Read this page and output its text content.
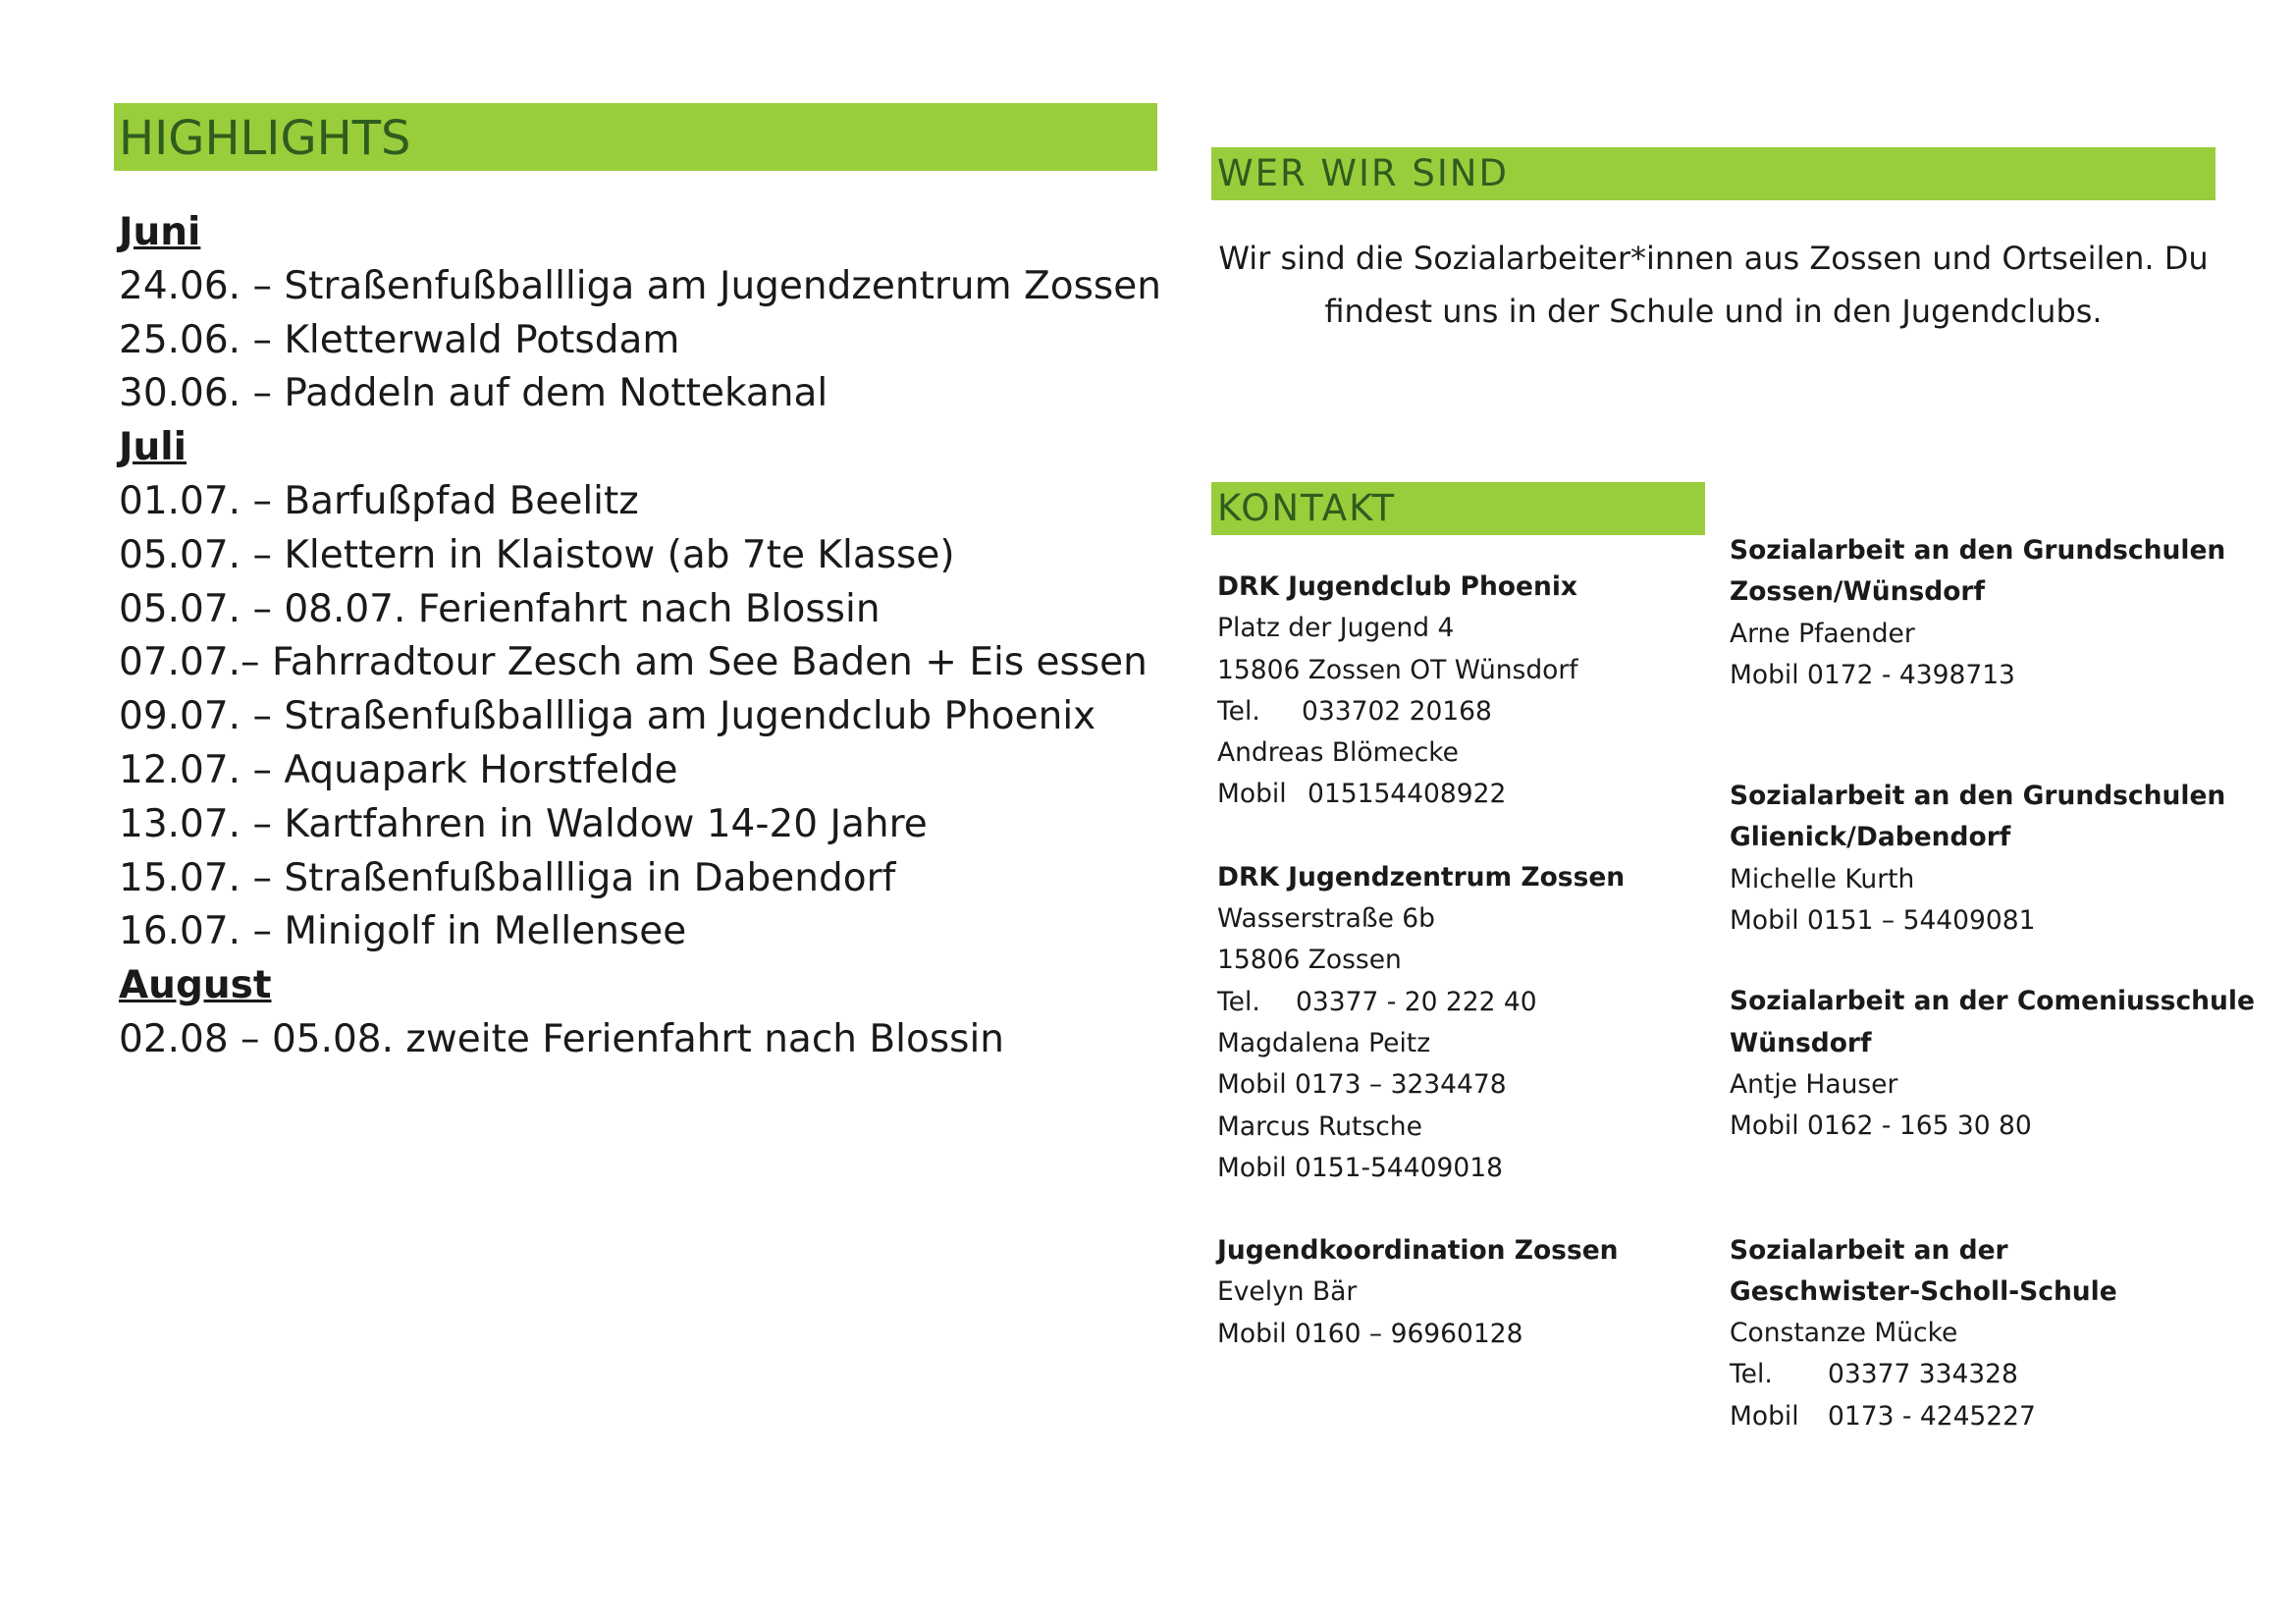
HIGHLIGHTS
Juni
24.06. – Straßenfußballliga am Jugendzentrum Zossen
25.06. – Kletterwald Potsdam
30.06. – Paddeln auf dem Nottekanal
Juli
01.07. – Barfußpfad Beelitz
05.07. – Klettern in Klaistow (ab 7te Klasse)
05.07. – 08.07. Ferienfahrt nach Blossin
07.07.– Fahrradtour Zesch am See Baden + Eis essen
09.07. – Straßenfußballliga am Jugendclub Phoenix
12.07. – Aquapark Horstfelde
13.07. – Kartfahren in Waldow 14-20 Jahre
15.07. – Straßenfußballliga in Dabendorf
16.07. – Minigolf in Mellensee
August
02.08 – 05.08. zweite Ferienfahrt nach Blossin
WER WIR SIND
Wir sind die Sozialarbeiter*innen aus Zossen und Ortseilen. Du
findest uns in der Schule und in den Jugendclubs.
KONTAKT
DRK Jugendclub Phoenix
Platz der Jugend 4
15806 Zossen OT Wünsdorf
Tel. 033702 20168
Andreas Blömecke
Mobil 015154408922
DRK Jugendzentrum Zossen
Wasserstraße 6b
15806 Zossen
Tel. 03377 - 20 222 40
Magdalena Peitz
Mobil 0173 – 3234478
Marcus Rutsche
Mobil 0151-54409018
Jugendkoordination Zossen
Evelyn Bär
Mobil 0160 – 96960128
Sozialarbeit an den Grundschulen
Zossen/Wünsdorf
Arne Pfaender
Mobil 0172 - 4398713
Sozialarbeit an den Grundschulen
Glienick/Dabendorf
Michelle Kurth
Mobil 0151 – 54409081
Sozialarbeit an der Comeniusschule
Wünsdorf
Antje Hauser
Mobil 0162 - 165 30 80
Sozialarbeit an der
Geschwister-Scholl-Schule
Constanze Mücke
Tel. 03377 334328
Mobil 0173 - 4245227
